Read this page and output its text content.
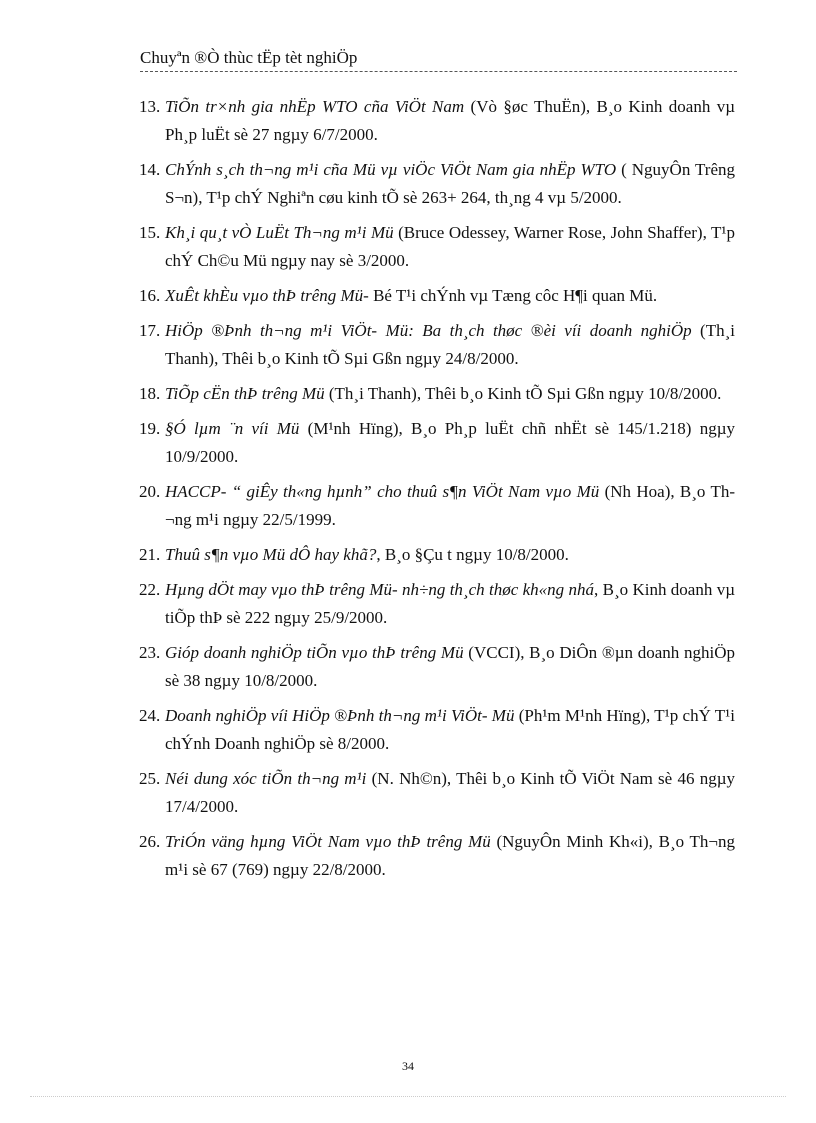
Chuyªn ®Ò thùc tËp tèt nghiÖp
13. TiÕn tr×nh gia nhËp WTO cña ViÖt Nam (Vò §øc ThuËn), B¸o Kinh doanh vµ Ph¸p luËt sè 27 ngµy 6/7/2000.
14. ChÝnh s¸ch th¬ng m¹i cña Mü vµ viÖc ViÖt Nam gia nhËp WTO ( NguyÔn Trêng S¬n), T¹p chÝ Nghiªn cøu kinh tÕ sè 263+ 264, th¸ng 4 vµ 5/2000.
15. Kh¸i qu¸t vÒ LuËt Th¬ng m¹i Mü (Bruce Odessey, Warner Rose, John Shaffer), T¹p chÝ Ch©u Mü ngµy nay sè 3/2000.
16. XuÊt khÈu vµo thÞ trêng Mü- Bé T¹i chÝnh vµ Tæng côc H¶i quan Mü.
17. HiÖp ®Þnh th¬ng m¹i ViÖt- Mü: Ba th¸ch thøc ®èi víi doanh nghiÖp (Th¸i Thanh), Thêi b¸o Kinh tÕ Sµi Gßn ngµy 24/8/2000.
18. TiÕp cËn thÞ trêng Mü (Th¸i Thanh), Thêi b¸o Kinh tÕ Sµi Gßn ngµy 10/8/2000.
19. §Ó lµm ¨n víi Mü (M¹nh Hïng), B¸o Ph¸p luËt chñ nhËt sè 145/1.218) ngµy 10/9/2000.
20. HACCP- “ giÊy th«ng hµnh” cho thuû s¶n ViÖt Nam vµo Mü (Nh Hoa), B¸o Th¬ng m¹i ngµy 22/5/1999.
21. Thuû s¶n vµo Mü dÔ hay khã?, B¸o §Çu t ngµy 10/8/2000.
22. Hµng dÖt may vµo thÞ trêng Mü- nh÷ng th¸ch thøc kh«ng nhá, B¸o Kinh doanh vµ tiÕp thÞ sè 222 ngµy 25/9/2000.
23. Gióp doanh nghiÖp tiÕn vµo thÞ trêng Mü (VCCI), B¸o DiÔn ®µn doanh nghiÖp sè 38 ngµy 10/8/2000.
24. Doanh nghiÖp víi HiÖp ®Þnh th¬ng m¹i ViÖt- Mü (Ph¹m M¹nh Hïng), T¹p chÝ T¹i chÝnh Doanh nghiÖp sè 8/2000.
25. Néi dung xóc tiÕn th¬ng m¹i (N. Nh©n), Thêi b¸o Kinh tÕ ViÖt Nam sè 46 ngµy 17/4/2000.
26. TriÓn väng hµng ViÖt Nam vµo thÞ trêng Mü (NguyÔn Minh Kh«i), B¸o Th¬ng m¹i sè 67 (769) ngµy 22/8/2000.
34
